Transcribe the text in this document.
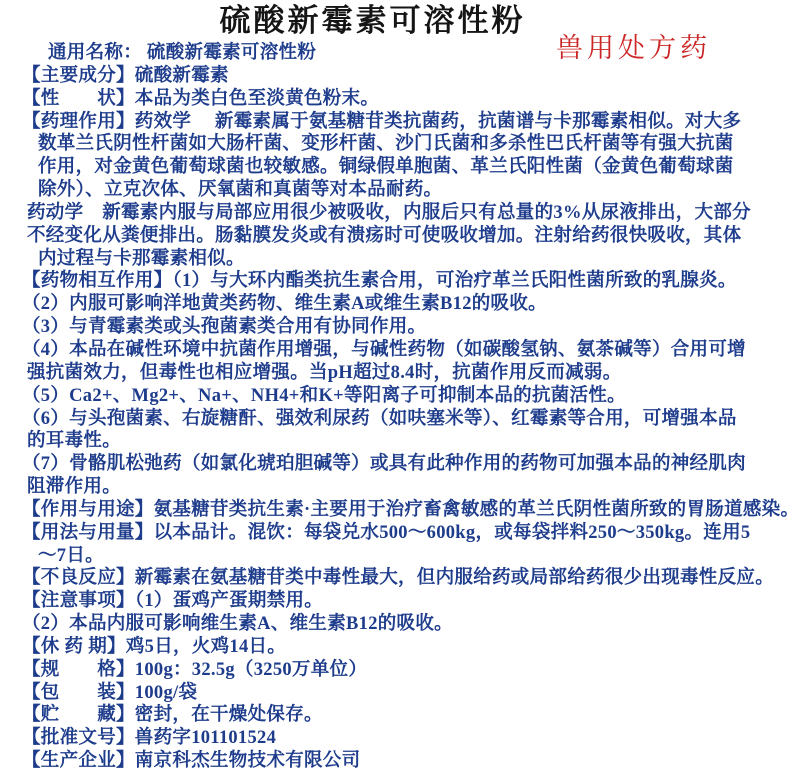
硫酸新霉素可溶性粉
兽用处方药
通用名称： 硫酸新霉素可溶性粉
【主要成分】硫酸新霉素
【性　　状】本品为类白色至淡黄色粉末。
【药理作用】药效学　 新霉素属于氨基糖苷类抗菌药，抗菌谱与卡那霉素相似。对大多
数革兰氏阴性杆菌如大肠杆菌、变形杆菌、沙门氏菌和多杀性巴氏杆菌等有强大抗菌
作用，对金黄色葡萄球菌也较敏感。铜绿假单胞菌、革兰氏阳性菌（金黄色葡萄球菌
除外）、立克次体、厌氧菌和真菌等对本品耐药。
药动学　新霉素内服与局部应用很少被吸收，内服后只有总量的3%从尿液排出，大部分
不经变化从粪便排出。肠黏膜发炎或有溃疡时可使吸收增加。注射给药很快吸收，其体
内过程与卡那霉素相似。
【药物相互作用】（1）与大环内酯类抗生素合用，可治疗革兰氏阳性菌所致的乳腺炎。
（2）内服可影响洋地黄类药物、维生素A或维生素B12的吸收。
（3）与青霉素类或头孢菌素类合用有协同作用。
（4）本品在碱性环境中抗菌作用增强，与碱性药物（如碳酸氢钠、氨茶碱等）合用可增
强抗菌效力，但毒性也相应增强。当pH超过8.4时，抗菌作用反而减弱。
（5）Ca2+、Mg2+、Na+、NH4+和K+等阳离子可抑制本品的抗菌活性。
（6）与头孢菌素、右旋糖酐、强效利尿药（如呋塞米等）、红霉素等合用，可增强本品
的耳毒性。
（7）骨骼肌松弛药（如氯化琥珀胆碱等）或具有此种作用的药物可加强本品的神经肌肉
阻滞作用。
【作用与用途】氨基糖苷类抗生素·主要用于治疗畜禽敏感的革兰氏阴性菌所致的胃肠道感染。
【用法与用量】以本品计。混饮：每袋兑水500～600kg，或每袋拌料250～350kg。连用5
～7日。
【不良反应】新霉素在氨基糖苷类中毒性最大，但内服给药或局部给药很少出现毒性反应。
【注意事项】（1）蛋鸡产蛋期禁用。
（2）本品内服可影响维生素A、维生素B12的吸收。
【休 药 期】鸡5日，火鸡14日。
【规　　格】100g：32.5g（3250万单位）
【包　　装】100g/袋
【贮　　藏】密封，在干燥处保存。
【批准文号】兽药字101101524
【生产企业】南京科杰生物技术有限公司
